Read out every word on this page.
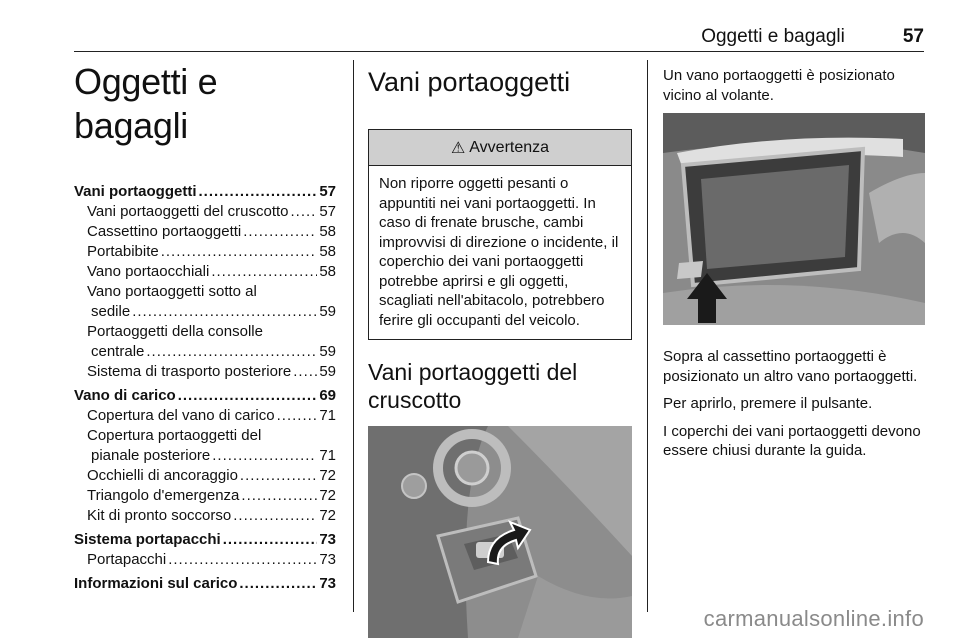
Oggetti e bagagli	57
Oggetti e bagagli
Vani portaoggetti .....	57
Vani portaoggetti del cruscotto ..... 57
Cassettino portaoggetti .....	58
Portabibite .....	58
Vano portaocchiali .....	58
Vano portaoggetti sotto al
sedile .....	59
Portaoggetti della consolle
centrale .....	59
Sistema di trasporto posteriore ..... 59
Vano di carico .....	69
Copertura del vano di carico .....	71
Copertura portaoggetti del
pianale posteriore .....	71
Occhielli di ancoraggio .....	72
Triangolo d'emergenza .....	72
Kit di pronto soccorso .....	72
Sistema portapacchi .....	73
Portapacchi .....	73
Informazioni sul carico .....	73
Vani portaoggetti
⚠ Avvertenza
Non riporre oggetti pesanti o appuntiti nei vani portaoggetti. In caso di frenate brusche, cambi improvvisi di direzione o incidente, il coperchio dei vani portaoggetti potrebbe aprirsi e gli oggetti, scagliati nell'abitacolo, potrebbero ferire gli occupanti del veicolo.
Vani portaoggetti del cruscotto

Un vano portaoggetti è posizionato vicino al volante.

Sopra al cassettino portaoggetti è posizionato un altro vano portaoggetti.

Per aprirlo, premere il pulsante.

I coperchi dei vani portaoggetti devono essere chiusi durante la guida.

carmanualsonline.info
